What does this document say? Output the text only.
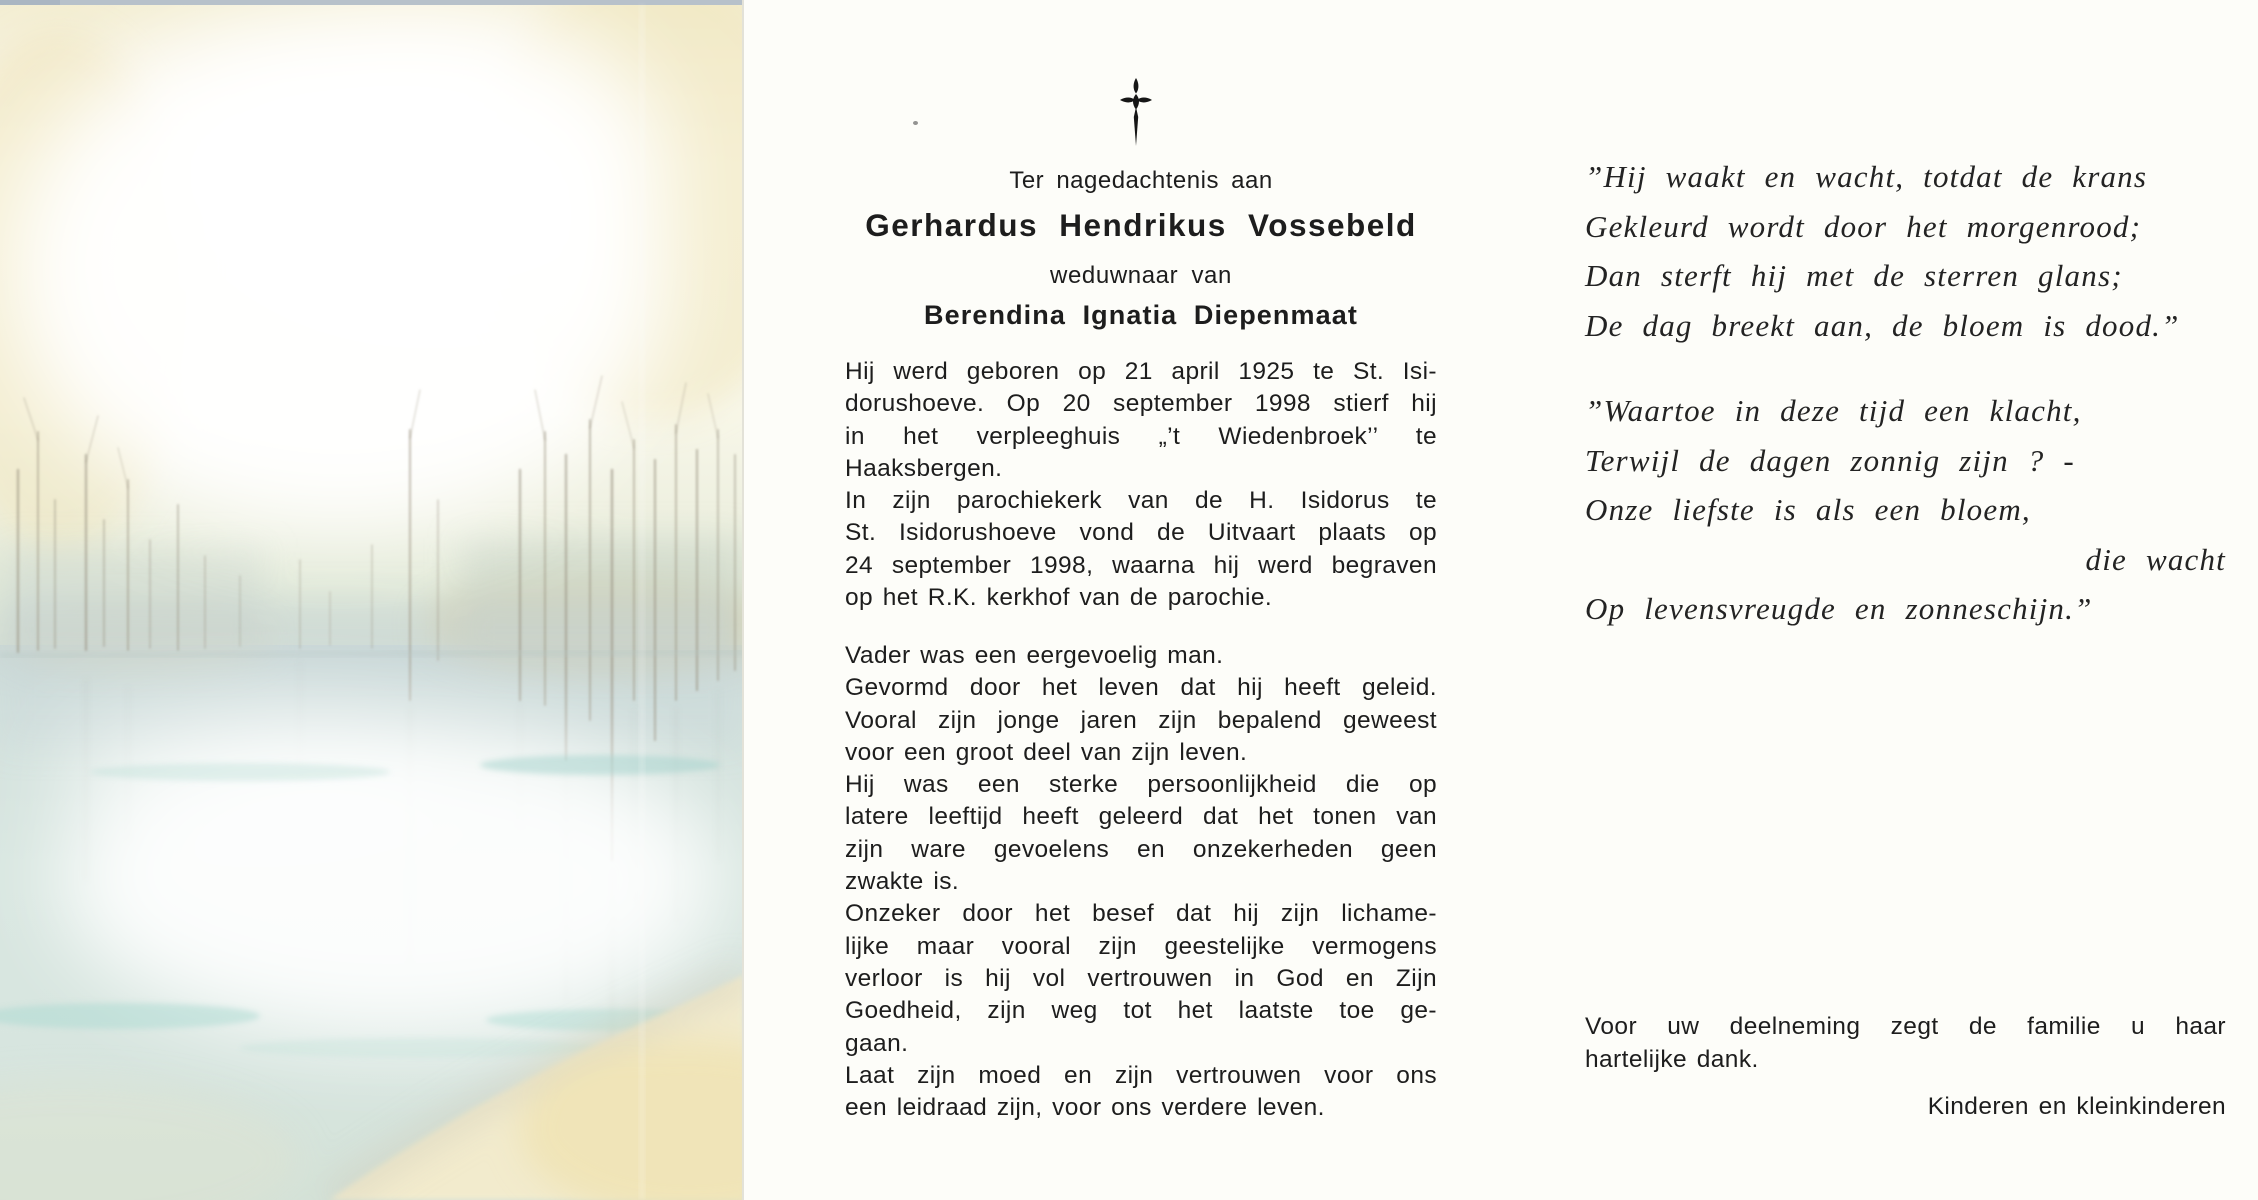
Ter nagedachtenis aan
Gerhardus Hendrikus Vossebeld
weduwnaar van
Berendina Ignatia Diepenmaat
Hij werd geboren op 21 april 1925 te St. Isi-
dorushoeve. Op 20 september 1998 stierf hij
in het verpleeghuis „’t Wiedenbroek’’ te
Haaksbergen.
In zijn parochiekerk van de H. Isidorus te
St. Isidorushoeve vond de Uitvaart plaats op
24 september 1998, waarna hij werd begraven
op het R.K. kerkhof van de parochie.
Vader was een eergevoelig man.
Gevormd door het leven dat hij heeft geleid.
Vooral zijn jonge jaren zijn bepalend geweest
voor een groot deel van zijn leven.
Hij was een sterke persoonlijkheid die op
latere leeftijd heeft geleerd dat het tonen van
zijn ware gevoelens en onzekerheden geen
zwakte is.
Onzeker door het besef dat hij zijn lichame-
lijke maar vooral zijn geestelijke vermogens
verloor is hij vol vertrouwen in God en Zijn
Goedheid, zijn weg tot het laatste toe ge-
gaan.
Laat zijn moed en zijn vertrouwen voor ons
een leidraad zijn, voor ons verdere leven.
”Hij waakt en wacht, totdat de krans
Gekleurd wordt door het morgenrood;
Dan sterft hij met de sterren glans;
De dag breekt aan, de bloem is dood.”
”Waartoe in deze tijd een klacht,
Terwijl de dagen zonnig zijn ? -
Onze liefste is als een bloem,
die wacht
Op levensvreugde en zonneschijn.”
Voor uw deelneming zegt de familie u haar
hartelijke dank.
Kinderen en kleinkinderen
